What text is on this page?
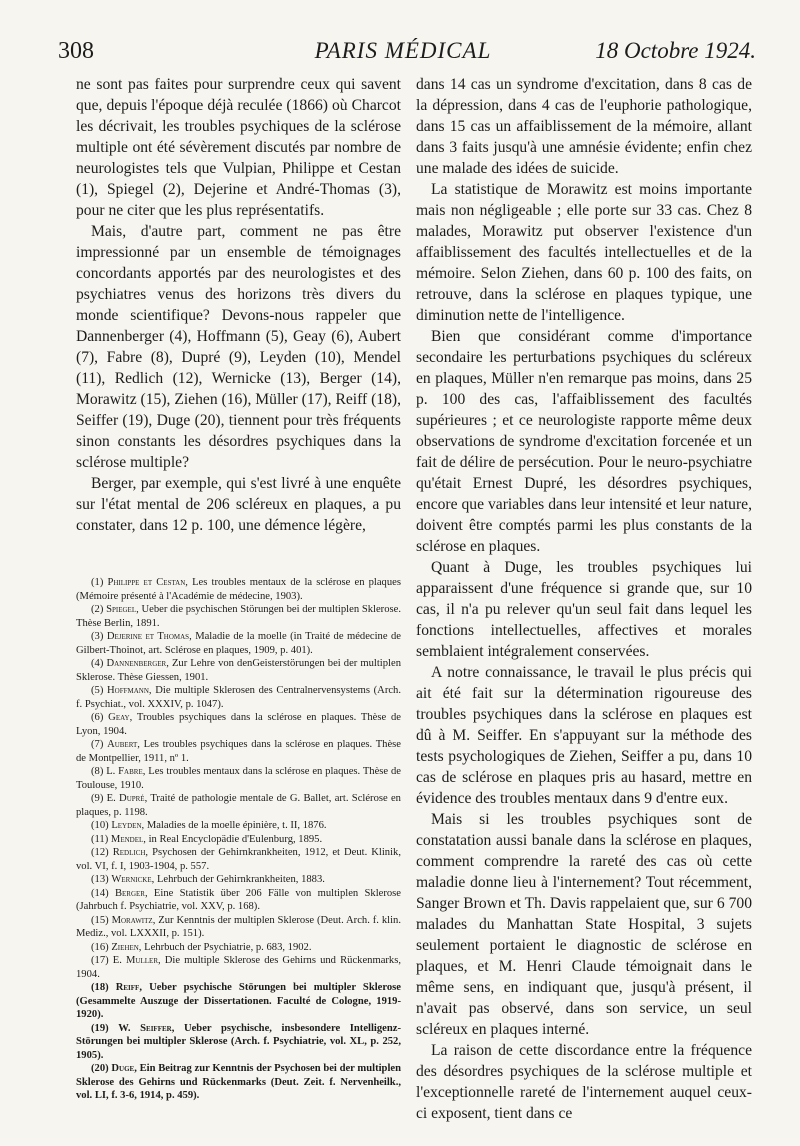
308	PARIS MÉDICAL	18 Octobre 1924.

ne sont pas faites pour surprendre ceux qui savent que, depuis l'époque déjà reculée (1866) où Charcot les décrivait, les troubles psychiques de la sclérose multiple ont été sévèrement discutés par nombre de neurologistes tels que Vulpian, Philippe et Cestan (1), Spiegel (2), Dejerine et André-Thomas (3), pour ne citer que les plus représentatifs.

Mais, d'autre part, comment ne pas être impressionné par un ensemble de témoignages concordants apportés par des neurologistes et des psychiatres venus des horizons très divers du monde scientifique? Devons-nous rappeler que Dannenberger (4), Hoffmann (5), Geay (6), Aubert (7), Fabre (8), Dupré (9), Leyden (10), Mendel (11), Redlich (12), Wernicke (13), Berger (14), Morawitz (15), Ziehen (16), Müller (17), Reiff (18), Seiffer (19), Duge (20), tiennent pour très fréquents sinon constants les désordres psychiques dans la sclérose multiple?

Berger, par exemple, qui s'est livré à une enquête sur l'état mental de 206 scléreux en plaques, a pu constater, dans 12 p. 100, une démence légère,

(1) Philippe et Cestan, Les troubles mentaux de la sclérose en plaques (Mémoire présenté à l'Académie de médecine, 1903).

(2) Spiegel, Ueber die psychischen Störungen bei der multiplen Sklerose. Thèse Berlin, 1891.

(3) Dejerine et Thomas, Maladie de la moelle (in Traité de médecine de Gilbert-Thoinot, art. Sclérose en plaques, 1909, p. 401).

(4) Dannenberger, Zur Lehre von denGeisterstörungen bei der multiplen Sklerose. Thèse Giessen, 1901.

(5) Hoffmann, Die multiple Sklerosen des Centralnervensystems (Arch. f. Psychiat., vol. XXXIV, p. 1047).

(6) Geay, Troubles psychiques dans la sclérose en plaques. Thèse de Lyon, 1904.

(7) Aubert, Les troubles psychiques dans la sclérose en plaques. Thèse de Montpellier, 1911, nº 1.

(8) L. Fabre, Les troubles mentaux dans la sclérose en plaques. Thèse de Toulouse, 1910.

(9) E. Dupré, Traité de pathologie mentale de G. Ballet, art. Sclérose en plaques, p. 1198.

(10) Leyden, Maladies de la moelle épinière, t. II, 1876.

(11) Mendel, in Real Encyclopädie d'Eulenburg, 1895.

(12) Redlich, Psychosen der Gehirnkrankheiten, 1912, et Deut. Klinik, vol. VI, f. I, 1903-1904, p. 557.

(13) Wernicke, Lehrbuch der Gehirnkrankheiten, 1883.

(14) Berger, Eine Statistik über 206 Fälle von multiplen Sklerose (Jahrbuch f. Psychiatrie, vol. XXV, p. 168).

(15) Morawitz, Zur Kenntnis der multiplen Sklerose (Deut. Arch. f. klin. Mediz., vol. LXXXII, p. 151).

(16) Ziehen, Lehrbuch der Psychiatrie, p. 683, 1902.

(17) E. Muller, Die multiple Sklerose des Gehirns und Rückenmarks, 1904.

(18) Reiff, Ueber psychische Störungen bei multipler Sklerose (Gesammelte Auszuge der Dissertationen. Faculté de Cologne, 1919-1920).

(19) W. Seiffer, Ueber psychische, insbesondere Intelligenz-Störungen bei multipler Sklerose (Arch. f. Psychiatrie, vol. XL, p. 252, 1905).

(20) Duge, Ein Beitrag zur Kenntnis der Psychosen bei der multiplen Sklerose des Gehirns und Rückenmarks (Deut. Zeit. f. Nervenheilk., vol. LI, f. 3-6, 1914, p. 459).

dans 14 cas un syndrome d'excitation, dans 8 cas de la dépression, dans 4 cas de l'euphorie pathologique, dans 15 cas un affaiblissement de la mémoire, allant dans 3 faits jusqu'à une amnésie évidente; enfin chez une malade des idées de suicide.

La statistique de Morawitz est moins importante mais non négligeable ; elle porte sur 33 cas. Chez 8 malades, Morawitz put observer l'existence d'un affaiblissement des facultés intellectuelles et de la mémoire. Selon Ziehen, dans 60 p. 100 des faits, on retrouve, dans la sclérose en plaques typique, une diminution nette de l'intelligence.

Bien que considérant comme d'importance secondaire les perturbations psychiques du scléreux en plaques, Müller n'en remarque pas moins, dans 25 p. 100 des cas, l'affaiblissement des facultés supérieures ; et ce neurologiste rapporte même deux observations de syndrome d'excitation forcenée et un fait de délire de persécution. Pour le neuro-psychiatre qu'était Ernest Dupré, les désordres psychiques, encore que variables dans leur intensité et leur nature, doivent être comptés parmi les plus constants de la sclérose en plaques.

Quant à Duge, les troubles psychiques lui apparaissent d'une fréquence si grande que, sur 10 cas, il n'a pu relever qu'un seul fait dans lequel les fonctions intellectuelles, affectives et morales semblaient intégralement conservées.

A notre connaissance, le travail le plus précis qui ait été fait sur la détermination rigoureuse des troubles psychiques dans la sclérose en plaques est dû à M. Seiffer. En s'appuyant sur la méthode des tests psychologiques de Ziehen, Seiffer a pu, dans 10 cas de sclérose en plaques pris au hasard, mettre en évidence des troubles mentaux dans 9 d'entre eux.

Mais si les troubles psychiques sont de constatation aussi banale dans la sclérose en plaques, comment comprendre la rareté des cas où cette maladie donne lieu à l'internement? Tout récemment, Sanger Brown et Th. Davis rappelaient que, sur 6 700 malades du Manhattan State Hospital, 3 sujets seulement portaient le diagnostic de sclérose en plaques, et M. Henri Claude témoignait dans le même sens, en indiquant que, jusqu'à présent, il n'avait pas observé, dans son service, un seul scléreux en plaques interné.

La raison de cette discordance entre la fréquence des désordres psychiques de la sclérose multiple et l'exceptionnelle rareté de l'internement auquel ceux-ci exposent, tient dans ce
